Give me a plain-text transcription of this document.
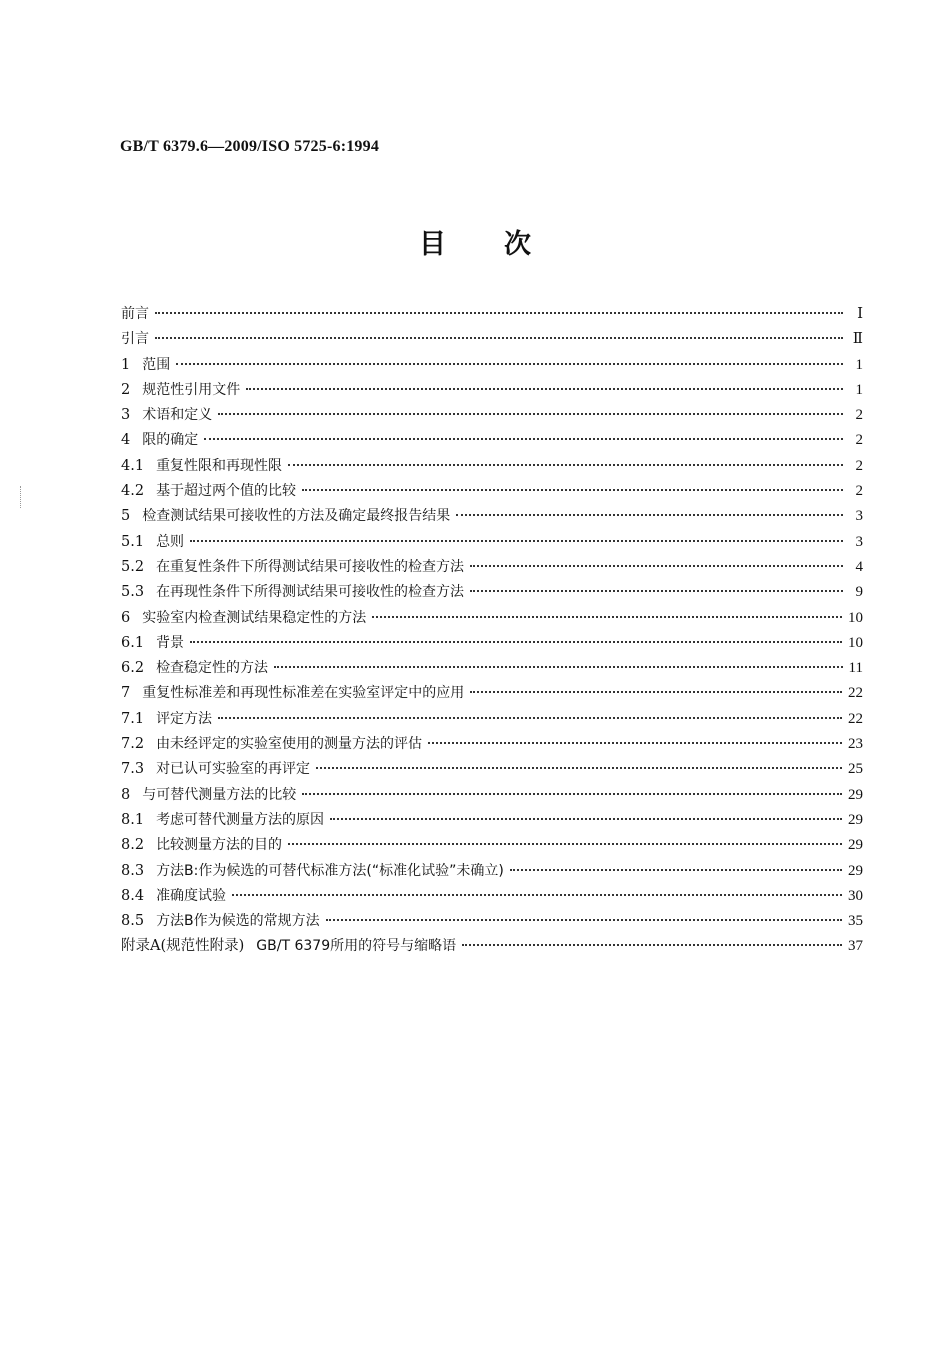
GB/T 6379.6—2009/ISO 5725-6:1994
目次
前言	Ⅰ
引言	Ⅱ
1 范围	1
2 规范性引用文件	1
3 术语和定义	2
4 限的确定	2
4.1 重复性限和再现性限	2
4.2 基于超过两个值的比较	2
5 检查测试结果可接收性的方法及确定最终报告结果	3
5.1 总则	3
5.2 在重复性条件下所得测试结果可接收性的检查方法	4
5.3 在再现性条件下所得测试结果可接收性的检查方法	9
6 实验室内检查测试结果稳定性的方法	10
6.1 背景	10
6.2 检查稳定性的方法	11
7 重复性标准差和再现性标准差在实验室评定中的应用	22
7.1 评定方法	22
7.2 由未经评定的实验室使用的测量方法的评估	23
7.3 对已认可实验室的再评定	25
8 与可替代测量方法的比较	29
8.1 考虑可替代测量方法的原因	29
8.2 比较测量方法的目的	29
8.3 方法B:作为候选的可替代标准方法(“标准化试验”未确立)	29
8.4 准确度试验	30
8.5 方法B作为候选的常规方法	35
附录A(规范性附录) GB/T 6379所用的符号与缩略语	37
